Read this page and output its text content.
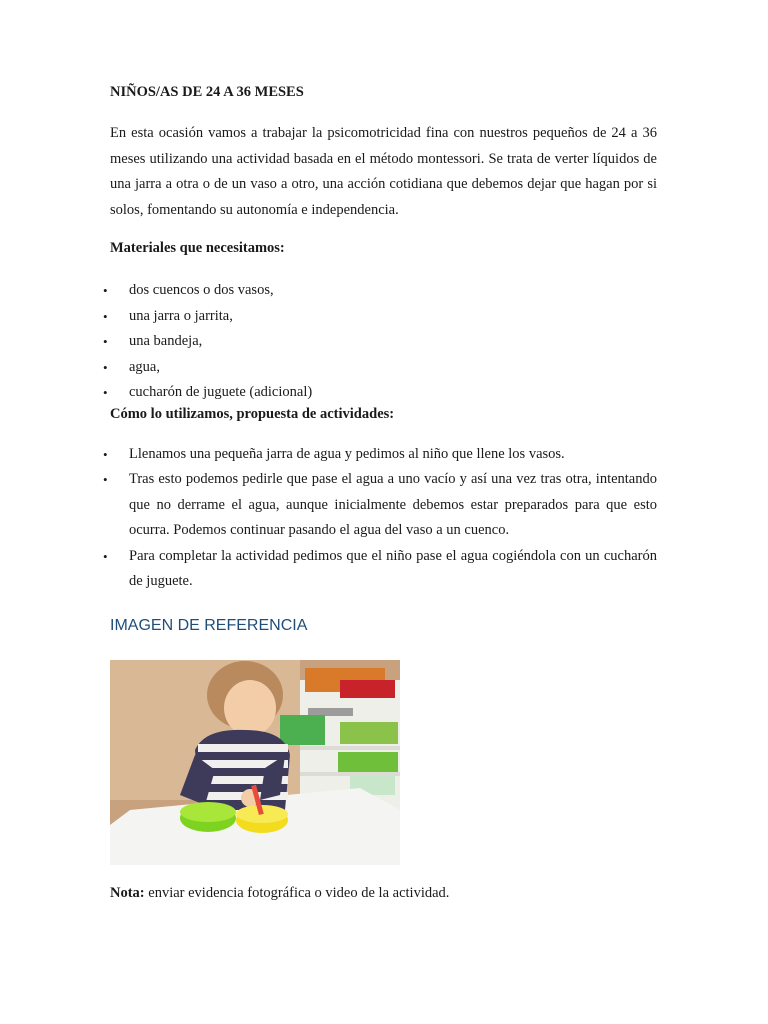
NIÑOS/AS DE 24 A 36 MESES

En esta ocasión vamos a trabajar la psicomotricidad fina con nuestros pequeños de 24 a 36 meses utilizando una actividad basada en el método montessori. Se trata de verter líquidos de una jarra a otra o de un vaso a otro, una acción cotidiana que debemos dejar que hagan por si solos, fomentando su autonomía e independencia.

Materiales que necesitamos:

• dos cuencos o dos vasos,
• una jarra o jarrita,
• una bandeja,
• agua,
• cucharón de juguete (adicional)

Cómo lo utilizamos, propuesta de actividades:

• Llenamos una pequeña jarra de agua y pedimos al niño que llene los vasos.
• Tras esto podemos pedirle que pase el agua a uno vacío y así una vez tras otra, intentando que no derrame el agua, aunque inicialmente debemos estar preparados para que esto ocurra. Podemos continuar pasando el agua del vaso a un cuenco.
• Para completar la actividad pedimos que el niño pase el agua cogiéndola con un cucharón de juguete.

IMAGEN DE REFERENCIA

Nota: enviar evidencia fotográfica o video de la actividad.
